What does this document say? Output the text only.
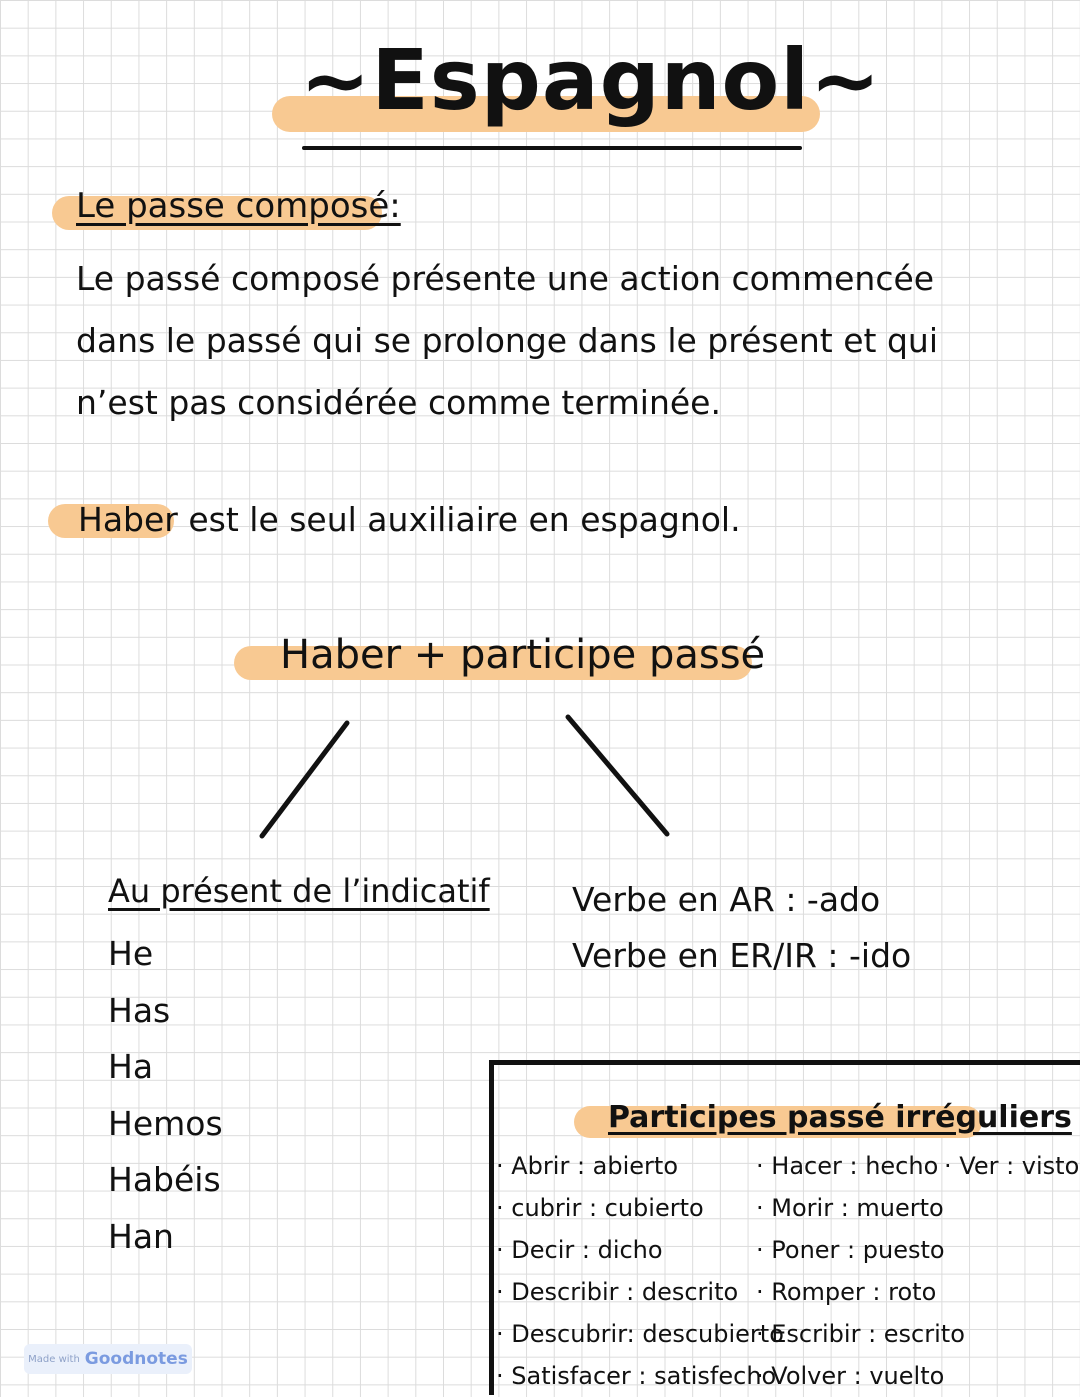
~Espagnol~
Le passe composé:
Le passé composé présente une action commencée dans le passé qui se prolonge dans le présent et qui n’est pas considérée comme terminée.
Haber est le seul auxiliaire en espagnol.
Haber + participe passé
Au présent de l’indicatif
He
Has
Ha
Hemos
Habéis
Han
Verbe en AR : -ado
Verbe en ER/IR : -ido
Participes passé irréguliers
· Abrir : abierto
· cubrir : cubierto
· Decir : dicho
· Describir : descrito
· Descubrir: descubierto
· Satisfacer : satisfecho
· Hacer : hecho
· Morir : muerto
· Poner : puesto
· Romper : roto
· Escribir : escrito
· Volver : vuelto
· Ver : visto
Made with Goodnotes
